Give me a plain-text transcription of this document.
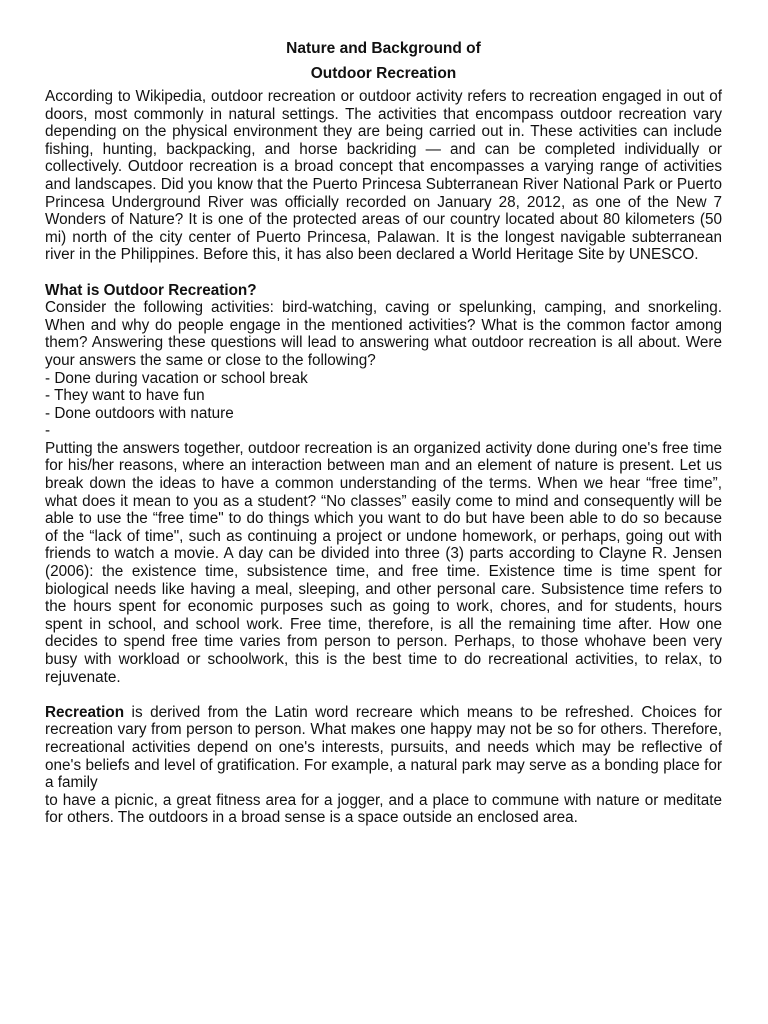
Nature and Background of

Outdoor Recreation

According to Wikipedia, outdoor recreation or outdoor activity refers to recreation engaged in out of doors, most commonly in natural settings. The activities that encompass outdoor recreation vary depending on the physical environment they are being carried out in. These activities can include fishing, hunting, backpacking, and horse backriding — and can be completed individually or collectively. Outdoor recreation is a broad concept that encompasses a varying range of activities and landscapes. Did you know that the Puerto Princesa Subterranean River National Park or Puerto Princesa Underground River was officially recorded on January 28, 2012, as one of the New 7 Wonders of Nature? It is one of the protected areas of our country located about 80 kilometers (50 mi) north of the city center of Puerto Princesa, Palawan. It is the longest navigable subterranean river in the Philippines. Before this, it has also been declared a World Heritage Site by UNESCO.

What is Outdoor Recreation?

Consider the following activities: bird-watching, caving or spelunking, camping, and snorkeling. When and why do people engage in the mentioned activities? What is the common factor among them? Answering these questions will lead to answering what outdoor recreation is all about. Were your answers the same or close to the following?

- Done during vacation or school break

- They want to have fun

- Done outdoors with nature

-

Putting the answers together, outdoor recreation is an organized activity done during one's free time for his/her reasons, where an interaction between man and an element of nature is present. Let us break down the ideas to have a common understanding of the terms. When we hear “free time”, what does it mean to you as a student? “No classes” easily come to mind and consequently will be able to use the “free time" to do things which you want to do but have been able to do so because of the “lack of time", such as continuing a project or undone homework, or perhaps, going out with friends to watch a movie. A day can be divided into three (3) parts according to Clayne R. Jensen (2006): the existence time, subsistence time, and free time. Existence time is time spent for biological needs like having a meal, sleeping, and other personal care. Subsistence time refers to the hours spent for economic purposes such as going to work, chores, and for students, hours spent in school, and school work. Free time, therefore, is all the remaining time after. How one decides to spend free time varies from person to person. Perhaps, to those whohave been very busy with workload or schoolwork, this is the best time to do recreational activities, to relax, to rejuvenate.

Recreation is derived from the Latin word recreare which means to be refreshed. Choices for recreation vary from person to person. What makes one happy may not be so for others. Therefore, recreational activities depend on one's interests, pursuits, and needs which may be reflective of one's beliefs and level of gratification. For example, a natural park may serve as a bonding place for a family

to have a picnic, a great fitness area for a jogger, and a place to commune with nature or meditate for others. The outdoors in a broad sense is a space outside an enclosed area.
